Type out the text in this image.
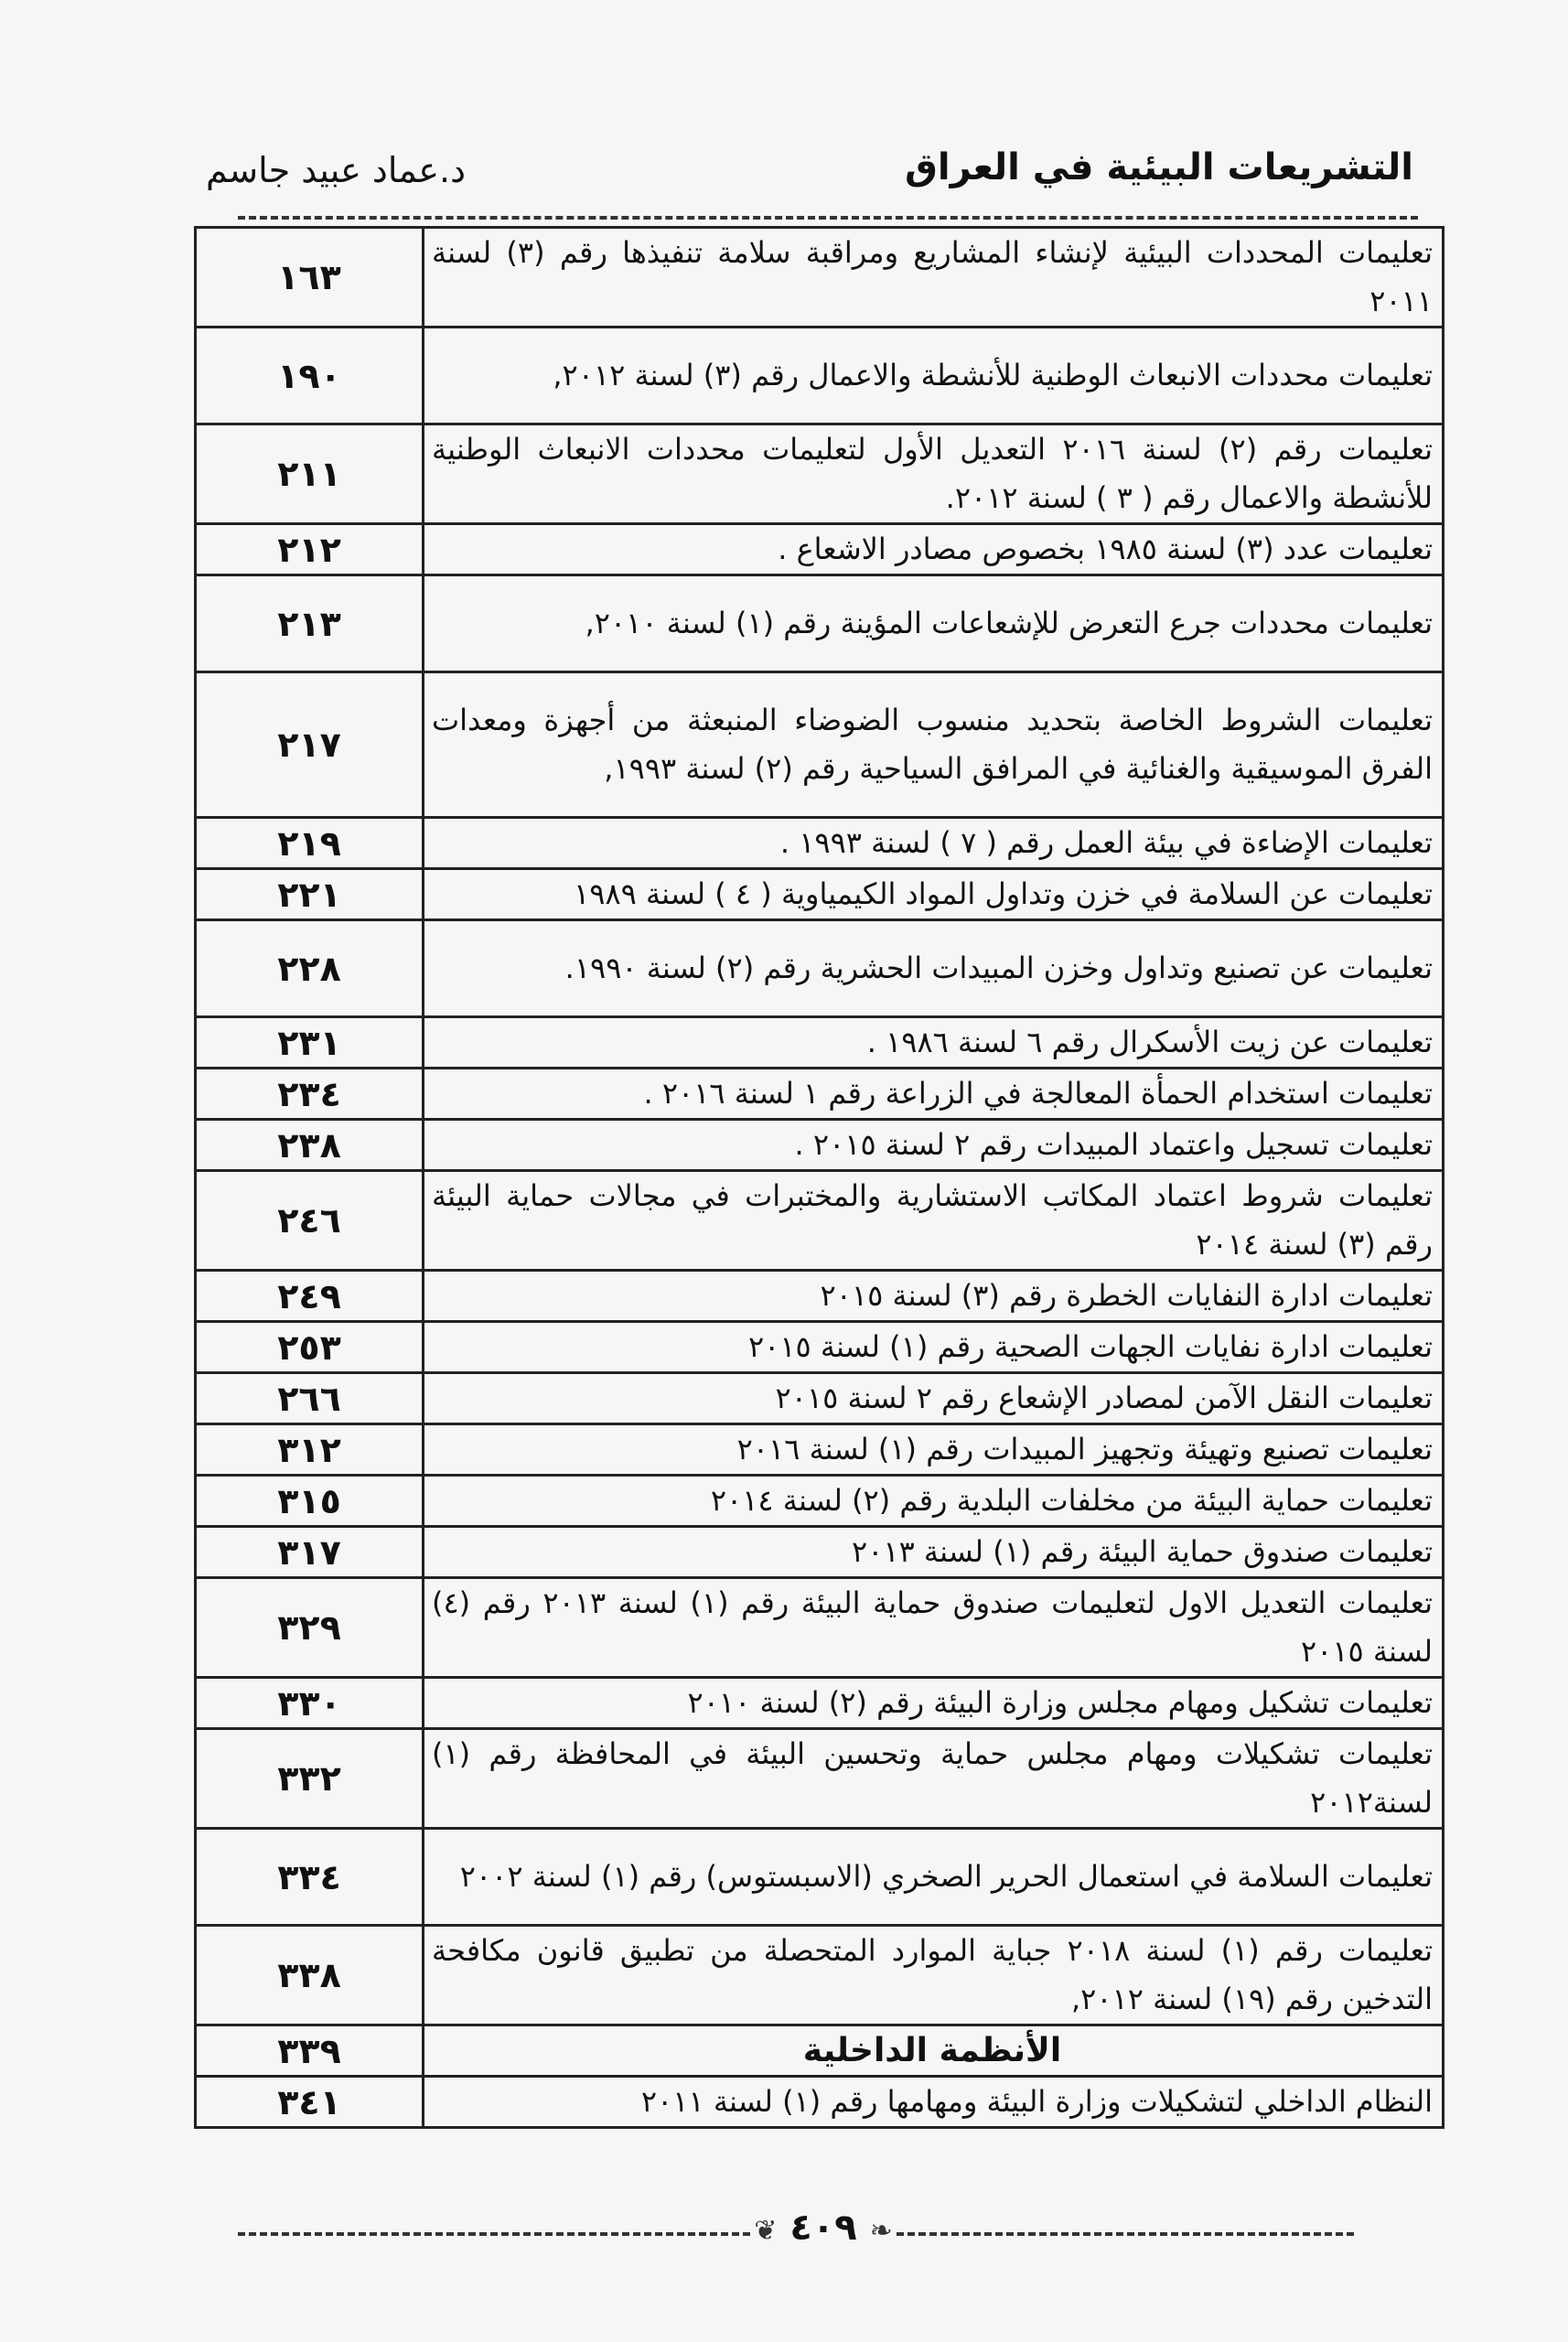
التشريعات البيئية في العراق
د.عماد عبيد جاسم
تعليمات المحددات البيئية لإنشاء المشاريع ومراقبة سلامة تنفيذها رقم (٣) لسنة ٢٠١١	١٦٣
تعليمات محددات الانبعاث الوطنية للأنشطة والاعمال رقم (٣) لسنة ٢٠١٢,	١٩٠
تعليمات رقم (٢) لسنة ٢٠١٦ التعديل الأول لتعليمات محددات الانبعاث الوطنية للأنشطة والاعمال رقم ( ٣ ) لسنة ٢٠١٢.	٢١١
تعليمات عدد (٣) لسنة ١٩٨٥ بخصوص مصادر الاشعاع .	٢١٢
تعليمات محددات جرع التعرض للإشعاعات المؤينة رقم (١) لسنة ٢٠١٠,	٢١٣
تعليمات الشروط الخاصة بتحديد منسوب الضوضاء المنبعثة من أجهزة ومعدات الفرق الموسيقية والغنائية في المرافق السياحية رقم (٢) لسنة ١٩٩٣,	٢١٧
تعليمات الإضاءة في بيئة العمل رقم ( ٧ ) لسنة ١٩٩٣ .	٢١٩
تعليمات عن السلامة في خزن وتداول المواد الكيمياوية ( ٤ ) لسنة ١٩٨٩	٢٢١
تعليمات عن تصنيع وتداول وخزن المبيدات الحشرية رقم (٢) لسنة ١٩٩٠.	٢٢٨
تعليمات عن زيت الأسكرال رقم ٦ لسنة ١٩٨٦ .	٢٣١
تعليمات استخدام الحمأة المعالجة في الزراعة رقم ١ لسنة ٢٠١٦ .	٢٣٤
تعليمات تسجيل واعتماد المبيدات رقم ٢ لسنة ٢٠١٥ .	٢٣٨
تعليمات شروط اعتماد المكاتب الاستشارية والمختبرات في مجالات حماية البيئة رقم (٣) لسنة ٢٠١٤	٢٤٦
تعليمات ادارة النفايات الخطرة رقم (٣) لسنة ٢٠١٥	٢٤٩
تعليمات ادارة نفايات الجهات الصحية رقم (١) لسنة ٢٠١٥	٢٥٣
تعليمات النقل الآمن لمصادر الإشعاع رقم ٢ لسنة ٢٠١٥	٢٦٦
تعليمات تصنيع وتهيئة وتجهيز المبيدات رقم (١) لسنة ٢٠١٦	٣١٢
تعليمات حماية البيئة من مخلفات البلدية رقم (٢) لسنة ٢٠١٤	٣١٥
تعليمات صندوق حماية البيئة رقم (١) لسنة ٢٠١٣	٣١٧
تعليمات التعديل الاول لتعليمات صندوق حماية البيئة رقم (١) لسنة ٢٠١٣ رقم (٤) لسنة ٢٠١٥	٣٢٩
تعليمات تشكيل ومهام مجلس وزارة البيئة رقم (٢) لسنة ٢٠١٠	٣٣٠
تعليمات تشكيلات ومهام مجلس حماية وتحسين البيئة في المحافظة رقم (١) لسنة٢٠١٢	٣٣٢
تعليمات السلامة في استعمال الحرير الصخري (الاسبستوس) رقم (١) لسنة ٢٠٠٢	٣٣٤
تعليمات رقم (١) لسنة ٢٠١٨ جباية الموارد المتحصلة من تطبيق قانون مكافحة التدخين رقم (١٩) لسنة ٢٠١٢,	٣٣٨
الأنظمة الداخلية	٣٣٩
النظام الداخلي لتشكيلات وزارة البيئة ومهامها رقم (١) لسنة ٢٠١١	٣٤١
❦ ٤٠٩ ❧
